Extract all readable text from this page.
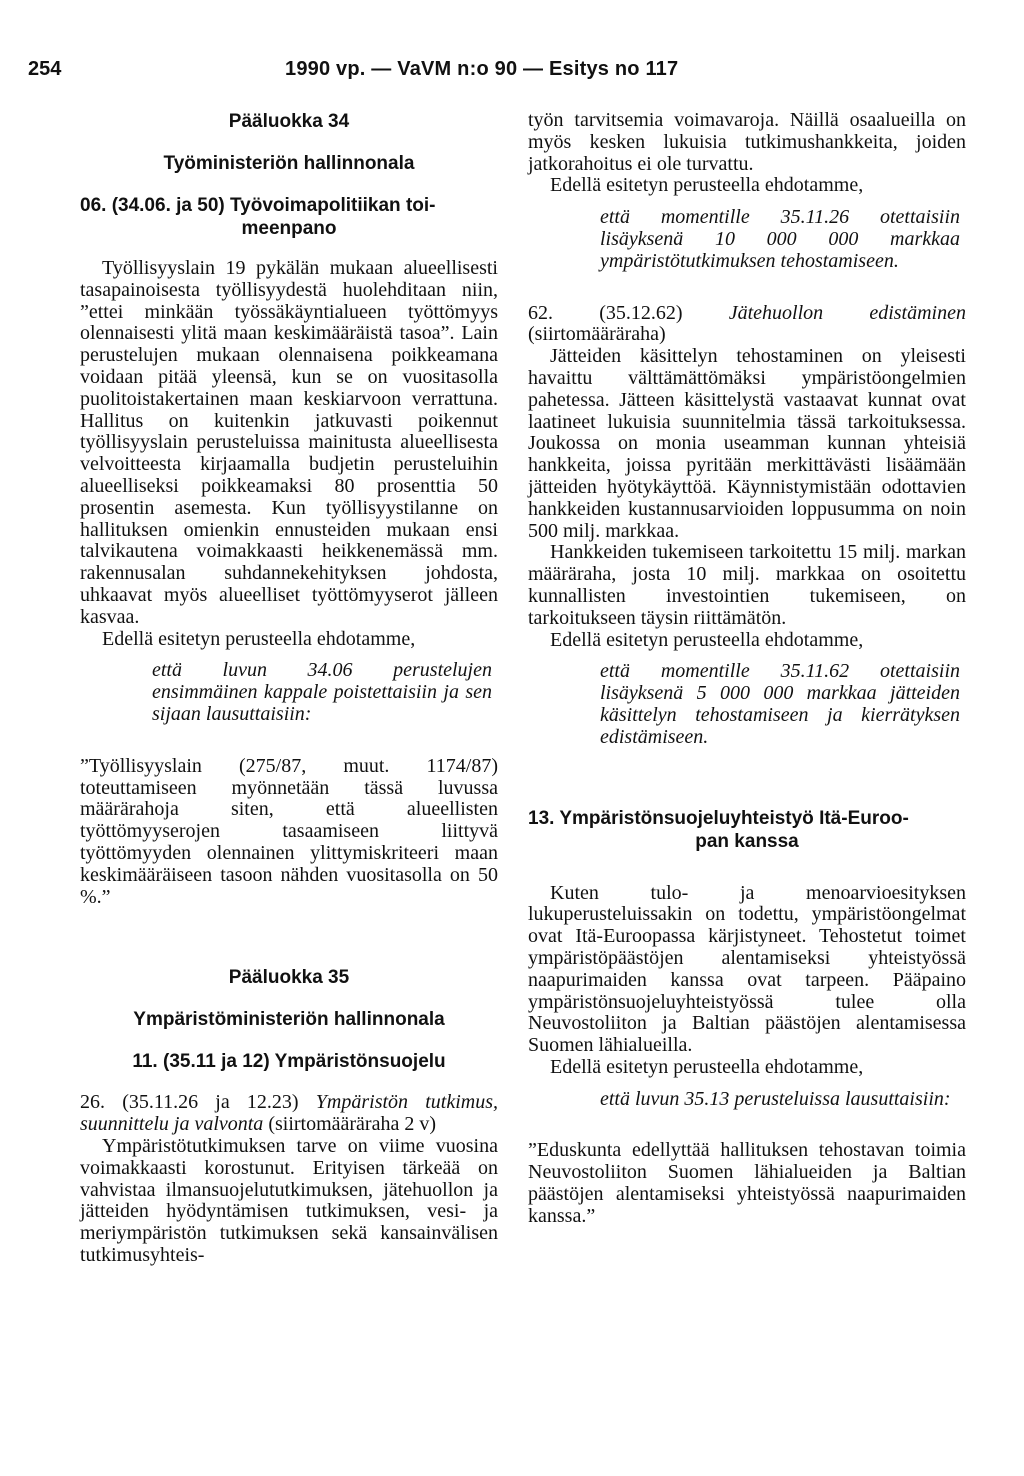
254	1990 vp. — VaVM n:o 90 — Esitys no 117
Pääluokka 34
Työministeriön hallinnonala
06. (34.06. ja 50) Työvoimapolitiikan toi-
meenpano

Työllisyyslain 19 pykälän mukaan alueellisesti tasapainoisesta työllisyydestä huolehditaan niin, ”ettei minkään työssäkäyntialueen työttömyys olennaisesti ylitä maan keskimääräistä tasoa”. Lain perustelujen mukaan olennaisena poikkeamana voidaan pitää yleensä, kun se on vuositasolla puolitoistakertainen maan keskiarvoon verrattuna. Hallitus on kuitenkin jatkuvasti poikennut työllisyyslain perusteluissa mainitusta alueellisesta velvoitteesta kirjaamalla budjetin perusteluihin alueelliseksi poikkeamaksi 80 prosenttia 50 prosentin asemesta. Kun työllisyystilanne on hallituksen omienkin ennusteiden mukaan ensi talvikautena voimakkaasti heikkenemässä mm. rakennusalan suhdannekehityksen johdosta, uhkaavat myös alueelliset työttömyyserot jälleen kasvaa.

Edellä esitetyn perusteella ehdotamme,

että luvun 34.06 perustelujen ensimmäinen kappale poistettaisiin ja sen sijaan lausuttaisiin:
”Työllisyyslain (275/87, muut. 1174/87) toteuttamiseen myönnetään tässä luvussa määrärahoja siten, että alueellisten työttömyyserojen tasaamiseen liittyvä työttömyyden olennainen ylittymiskriteeri maan keskimääräiseen tasoon nähden vuositasolla on 50 %.”
Pääluokka 35
Ympäristöministeriön hallinnonala
11. (35.11 ja 12) Ympäristönsuojelu

26. (35.11.26 ja 12.23) Ympäristön tutkimus, suunnittelu ja valvonta (siirtomääräraha 2 v)

Ympäristötutkimuksen tarve on viime vuosina voimakkaasti korostunut. Erityisen tärkeää on vahvistaa ilmansuojelututkimuksen, jätehuollon ja jätteiden hyödyntämisen tutkimuksen, vesi- ja meriympäristön tutkimuksen sekä kansainvälisen tutkimusyhteis-

työn tarvitsemia voimavaroja. Näillä osaalueilla on myös kesken lukuisia tutkimushankkeita, joiden jatkorahoitus ei ole turvattu.

Edellä esitetyn perusteella ehdotamme,

että momentille 35.11.26 otettaisiin lisäyksenä 10 000 000 markkaa ympäristötutkimuksen tehostamiseen.

62. (35.12.62) Jätehuollon edistäminen (siirtomääräraha)

Jätteiden käsittelyn tehostaminen on yleisesti havaittu välttämättömäksi ympäristöongelmien pahetessa. Jätteen käsittelystä vastaavat kunnat ovat laatineet lukuisia suunnitelmia tässä tarkoituksessa. Joukossa on monia useamman kunnan yhteisiä hankkeita, joissa pyritään merkittävästi lisäämään jätteiden hyötykäyttöä. Käynnistymistään odottavien hankkeiden kustannusarvioiden loppusumma on noin 500 milj. markkaa.

Hankkeiden tukemiseen tarkoitettu 15 milj. markan määräraha, josta 10 milj. markkaa on osoitettu kunnallisten investointien tukemiseen, on tarkoitukseen täysin riittämätön.

Edellä esitetyn perusteella ehdotamme,

että momentille 35.11.62 otettaisiin lisäyksenä 5 000 000 markkaa jätteiden käsittelyn tehostamiseen ja kierrätyksen edistämiseen.
13. Ympäristönsuojeluyhteistyö Itä-Euroo-
pan kanssa

Kuten tulo- ja menoarvioesityksen lukuperusteluissakin on todettu, ympäristöongelmat ovat Itä-Euroopassa kärjistyneet. Tehostetut toimet ympäristöpäästöjen alentamiseksi yhteistyössä naapurimaiden kanssa ovat tarpeen. Pääpaino ympäristönsuojeluyhteistyössä tulee olla Neuvostoliiton ja Baltian päästöjen alentamisessa Suomen lähialueilla.

Edellä esitetyn perusteella ehdotamme,

että luvun 35.13 perusteluissa lausuttaisiin:
”Eduskunta edellyttää hallituksen tehostavan toimia Neuvostoliiton Suomen lähialueiden ja Baltian päästöjen alentamiseksi yhteistyössä naapurimaiden kanssa.”
